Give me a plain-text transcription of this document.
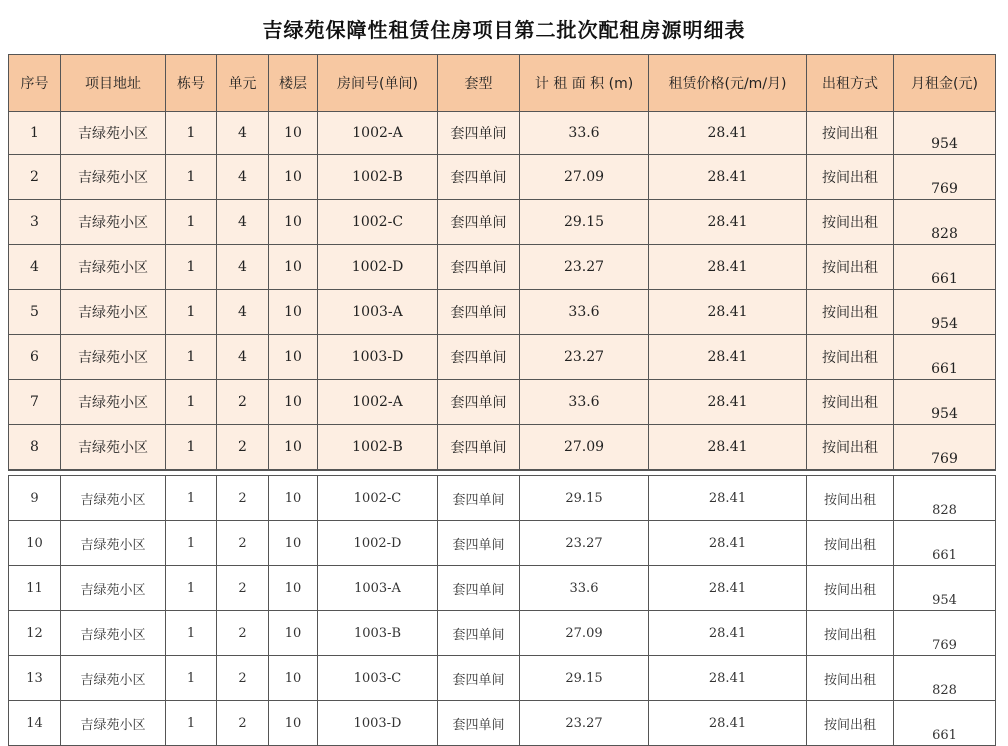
吉绿苑保障性租赁住房项目第二批次配租房源明细表
序号	项目地址	栋号	单元	楼层	房间号(单间)	套型	计 租 面 积 (m)	租赁价格(元/m/月)	出租方式	月租金(元)
1	吉绿苑小区	1	4	10	1002-A	套四单间	33.6	28.41	按间出租	954
2	吉绿苑小区	1	4	10	1002-B	套四单间	27.09	28.41	按间出租	769
3	吉绿苑小区	1	4	10	1002-C	套四单间	29.15	28.41	按间出租	828
4	吉绿苑小区	1	4	10	1002-D	套四单间	23.27	28.41	按间出租	661
5	吉绿苑小区	1	4	10	1003-A	套四单间	33.6	28.41	按间出租	954
6	吉绿苑小区	1	4	10	1003-D	套四单间	23.27	28.41	按间出租	661
7	吉绿苑小区	1	2	10	1002-A	套四单间	33.6	28.41	按间出租	954
8	吉绿苑小区	1	2	10	1002-B	套四单间	27.09	28.41	按间出租	769

9	吉绿苑小区	1	2	10	1002-C	套四单间	29.15	28.41	按间出租	828
10	吉绿苑小区	1	2	10	1002-D	套四单间	23.27	28.41	按间出租	661
11	吉绿苑小区	1	2	10	1003-A	套四单间	33.6	28.41	按间出租	954
12	吉绿苑小区	1	2	10	1003-B	套四单间	27.09	28.41	按间出租	769
13	吉绿苑小区	1	2	10	1003-C	套四单间	29.15	28.41	按间出租	828
14	吉绿苑小区	1	2	10	1003-D	套四单间	23.27	28.41	按间出租	661
